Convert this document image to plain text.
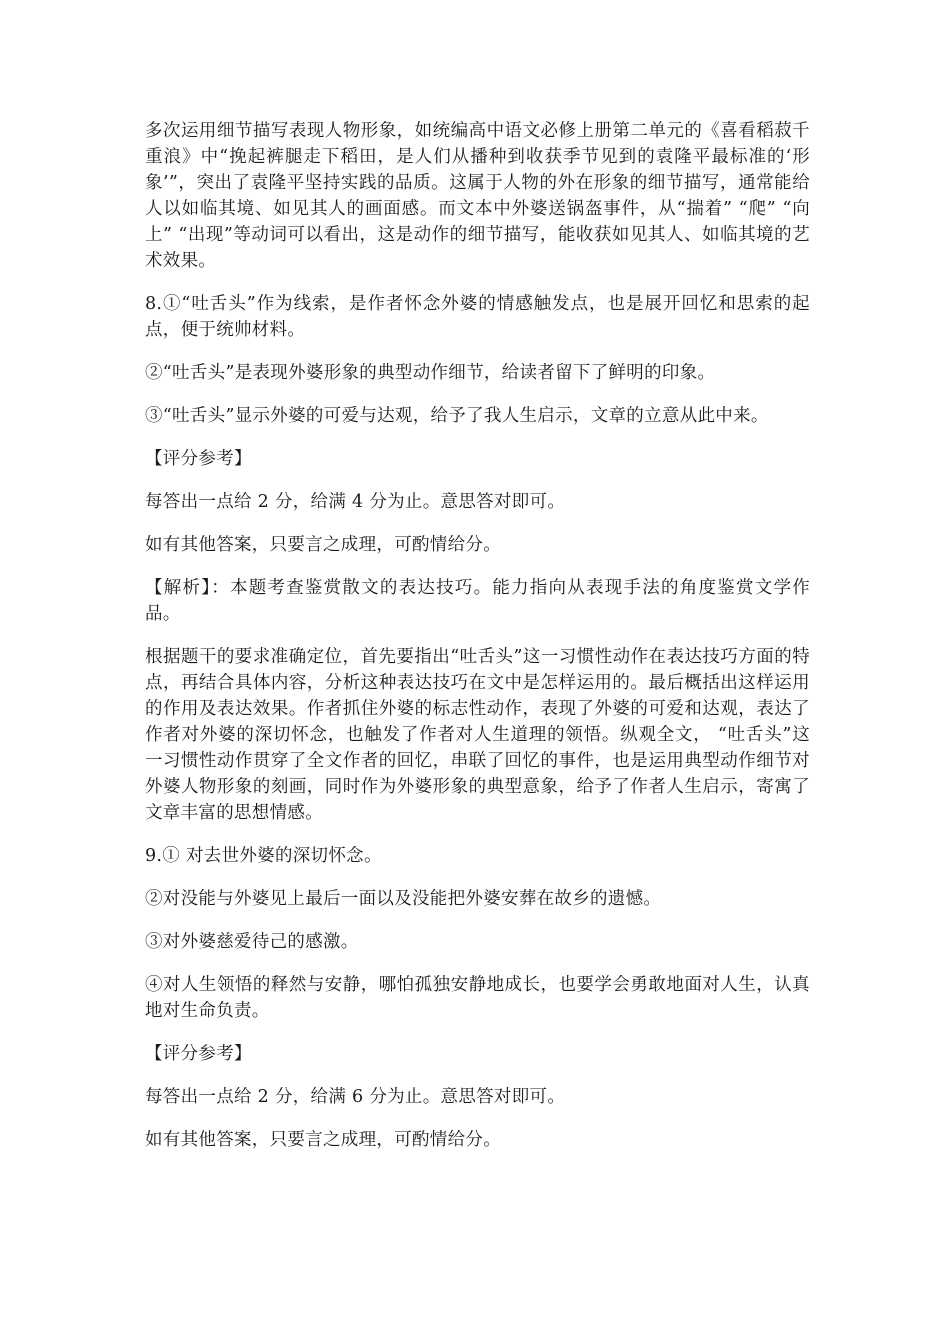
多次运用细节描写表现人物形象，如统编高中语文必修上册第二单元的《喜看稻菽千重浪》中“挽起裤腿走下稻田，是人们从播种到收获季节见到的袁隆平最标准的‘形象’”，突出了袁隆平坚持实践的品质。这属于人物的外在形象的细节描写，通常能给人以如临其境、如见其人的画面感。而文本中外婆送锅盔事件，从“揣着” “爬” “向上” “出现”等动词可以看出，这是动作的细节描写，能收获如见其人、如临其境的艺术效果。

8.①“吐舌头”作为线索，是作者怀念外婆的情感触发点，也是展开回忆和思索的起点，便于统帅材料。

②“吐舌头”是表现外婆形象的典型动作细节，给读者留下了鲜明的印象。

③“吐舌头”显示外婆的可爱与达观，给予了我人生启示，文章的立意从此中来。

【评分参考】

每答出一点给 2 分，给满 4 分为止。意思答对即可。

如有其他答案，只要言之成理，可酌情给分。

【解析】：本题考查鉴赏散文的表达技巧。能力指向从表现手法的角度鉴赏文学作品。

根据题干的要求准确定位，首先要指出“吐舌头”这一习惯性动作在表达技巧方面的特点，再结合具体内容，分析这种表达技巧在文中是怎样运用的。最后概括出这样运用的作用及表达效果。作者抓住外婆的标志性动作，表现了外婆的可爱和达观，表达了作者对外婆的深切怀念，也触发了作者对人生道理的领悟。纵观全文， “吐舌头”这一习惯性动作贯穿了全文作者的回忆，串联了回忆的事件，也是运用典型动作细节对外婆人物形象的刻画，同时作为外婆形象的典型意象，给予了作者人生启示，寄寓了文章丰富的思想情感。

9.① 对去世外婆的深切怀念。

②对没能与外婆见上最后一面以及没能把外婆安葬在故乡的遗憾。

③对外婆慈爱待己的感激。

④对人生领悟的释然与安静，哪怕孤独安静地成长，也要学会勇敢地面对人生，认真地对生命负责。

【评分参考】

每答出一点给 2 分，给满 6 分为止。意思答对即可。

如有其他答案，只要言之成理，可酌情给分。
